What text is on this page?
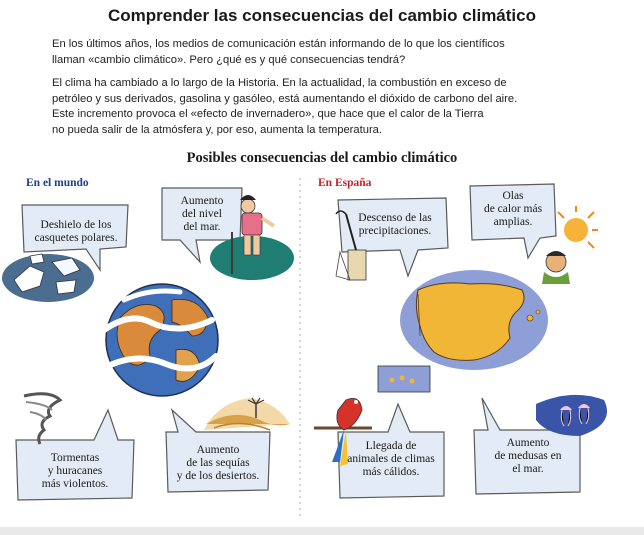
Comprender las consecuencias del cambio climático
En los últimos años, los medios de comunicación están informando de lo que los científicos
llaman «cambio climático». Pero ¿qué es y qué consecuencias tendrá?
El clima ha cambiado a lo largo de la Historia. En la actualidad, la combustión en exceso de
petróleo y sus derivados, gasolina y gasóleo, está aumentando el dióxido de carbono del aire.
Este incremento provoca el «efecto de invernadero», que hace que el calor de la Tierra
no pueda salir de la atmósfera y, por eso, aumenta la temperatura.
Posibles consecuencias del cambio climático
En el mundo	En España
Deshielo de los
casquetes polares.
Aumento
del nivel
del mar.
Tormentas
y huracanes
más violentos.
Aumento
de las sequías
y de los desiertos.
Descenso de las
precipitaciones.
Olas
de calor más
amplias.
Llegada de
animales de climas
más cálidos.
Aumento
de medusas en
el mar.
